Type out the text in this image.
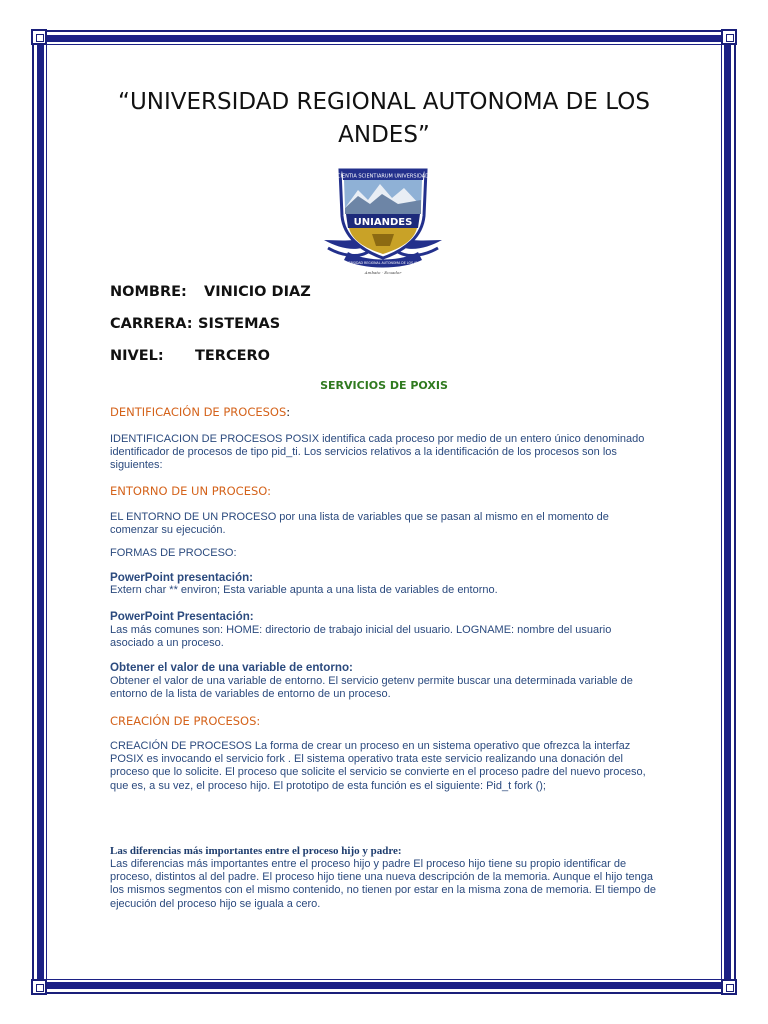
“UNIVERSIDAD REGIONAL AUTONOMA DE LOS ANDES”
CIENTIA SCIENTIARUM UNIVERSIDAD
UNIANDES
UNIVERSIDAD REGIONAL AUTONOMA DE LOS ANDES
Ambato · Ecuador
NOMBRE: VINICIO DIAZ
CARRERA: SISTEMAS
NIVEL: TERCERO
SERVICIOS DE POXIS
DENTIFICACIÓN DE PROCESOS:
IDENTIFICACION DE PROCESOS POSIX identifica cada proceso por medio de un entero único denominado identificador de procesos de tipo pid_ti. Los servicios relativos a la identificación de los procesos son los siguientes:
ENTORNO DE UN PROCESO:
EL ENTORNO DE UN PROCESO por una lista de variables que se pasan al mismo en el momento de comenzar su ejecución.
FORMAS DE PROCESO:
PowerPoint presentación:
Extern char ** environ; Esta variable apunta a una lista de variables de entorno.
PowerPoint Presentación:
Las más comunes son: HOME: directorio de trabajo inicial del usuario. LOGNAME: nombre del usuario asociado a un proceso.
Obtener el valor de una variable de entorno:
Obtener el valor de una variable de entorno. El servicio getenv permite buscar una determinada variable de entorno de la lista de variables de entorno de un proceso.
CREACIÓN DE PROCESOS:
CREACIÓN DE PROCESOS La forma de crear un proceso en un sistema operativo que ofrezca la interfaz POSIX es invocando el servicio fork . El sistema operativo trata este servicio realizando una donación del proceso que lo solicite. El proceso que solicite el servicio se convierte en el proceso padre del nuevo proceso, que es, a su vez, el proceso hijo. El prototipo de esta función es el siguiente: Pid_t fork ();
Las diferencias más importantes entre el proceso hijo y padre:
Las diferencias más importantes entre el proceso hijo y padre El proceso hijo tiene su propio identificar de proceso, distintos al del padre. El proceso hijo tiene una nueva descripción de la memoria. Aunque el hijo tenga los mismos segmentos con el mismo contenido, no tienen por estar en la misma zona de memoria. El tiempo de ejecución del proceso hijo se iguala a cero.
